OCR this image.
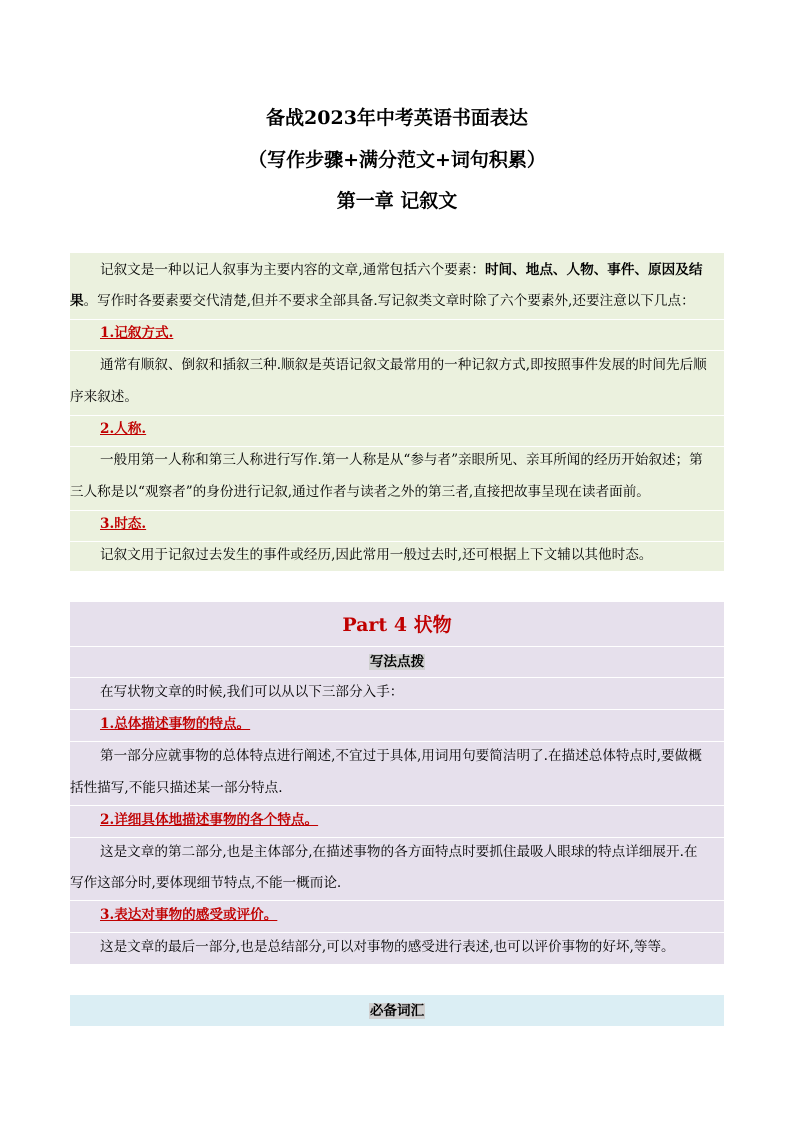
备战2023年中考英语书面表达
（写作步骤+满分范文+词句积累）
第一章 记叙文
记叙文是一种以记人叙事为主要内容的文章,通常包括六个要素：时间、地点、人物、事件、原因及结
果。写作时各要素要交代清楚,但并不要求全部具备.写记叙类文章时除了六个要素外,还要注意以下几点：
1.记叙方式.
通常有顺叙、倒叙和插叙三种.顺叙是英语记叙文最常用的一种记叙方式,即按照事件发展的时间先后顺
序来叙述。
2.人称.
一般用第一人称和第三人称进行写作.第一人称是从“参与者”亲眼所见、亲耳所闻的经历开始叙述；第
三人称是以“观察者”的身份进行记叙,通过作者与读者之外的第三者,直接把故事呈现在读者面前。
3.时态.
记叙文用于记叙过去发生的事件或经历,因此常用一般过去时,还可根据上下文辅以其他时态。
Part 4 状物
写法点拨
在写状物文章的时候,我们可以从以下三部分入手：
1.总体描述事物的特点。
第一部分应就事物的总体特点进行阐述,不宜过于具体,用词用句要简洁明了.在描述总体特点时,要做概
括性描写,不能只描述某一部分特点.
2.详细具体地描述事物的各个特点。
这是文章的第二部分,也是主体部分,在描述事物的各方面特点时要抓住最吸人眼球的特点详细展开.在
写作这部分时,要体现细节特点,不能一概而论.
3.表达对事物的感受或评价。
这是文章的最后一部分,也是总结部分,可以对事物的感受进行表述,也可以评价事物的好坏,等等。
必备词汇
